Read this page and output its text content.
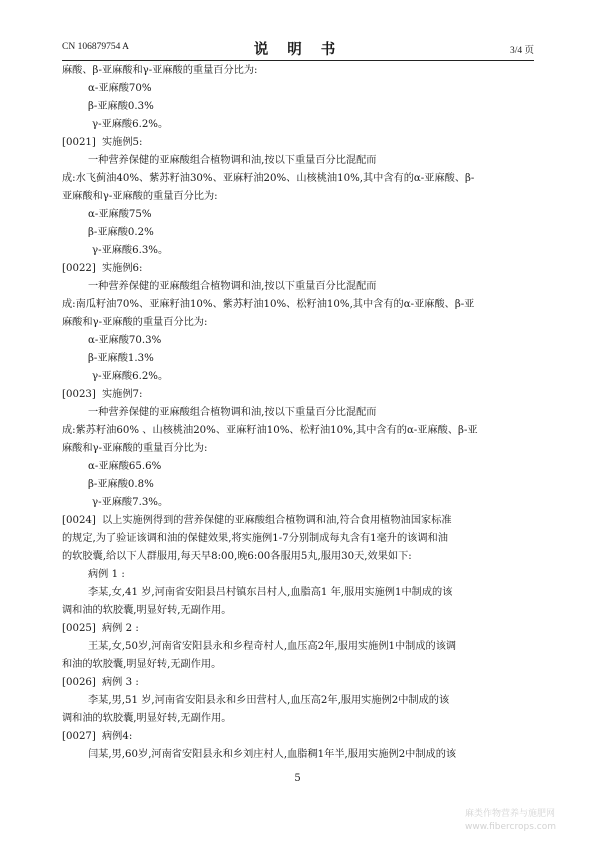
CN 106879754 A	说 明 书	3/4 页
麻酸、β-亚麻酸和γ-亚麻酸的重量百分比为:
α-亚麻酸70%
β-亚麻酸0.3%
γ-亚麻酸6.2%。
[0021] 实施例5:
一种营养保健的亚麻酸组合植物调和油,按以下重量百分比混配而
成:水飞蓟油40%、紫苏籽油30%、亚麻籽油20%、山核桃油10%,其中含有的α-亚麻酸、β-
亚麻酸和γ-亚麻酸的重量百分比为:
α-亚麻酸75%
β-亚麻酸0.2%
γ-亚麻酸6.3%。
[0022] 实施例6:
一种营养保健的亚麻酸组合植物调和油,按以下重量百分比混配而
成:南瓜籽油70%、亚麻籽油10%、紫苏籽油10%、松籽油10%,其中含有的α-亚麻酸、β-亚
麻酸和γ-亚麻酸的重量百分比为:
α-亚麻酸70.3%
β-亚麻酸1.3%
γ-亚麻酸6.2%。
[0023] 实施例7:
一种营养保健的亚麻酸组合植物调和油,按以下重量百分比混配而
成:紫苏籽油60% 、山核桃油20%、亚麻籽油10%、松籽油10%,其中含有的α-亚麻酸、β-亚
麻酸和γ-亚麻酸的重量百分比为:
α-亚麻酸65.6%
β-亚麻酸0.8%
γ-亚麻酸7.3%。
[0024] 以上实施例得到的营养保健的亚麻酸组合植物调和油,符合食用植物油国家标准
的规定,为了验证该调和油的保健效果,将实施例1-7分别制成每丸含有1毫升的该调和油
的软胶囊,给以下人群服用,每天早8:00,晚6:00各服用5丸,服用30天,效果如下:
病例 1 :
李某,女,41 岁,河南省安阳县吕村镇东吕村人,血脂高1 年,服用实施例1中制成的该
调和油的软胶囊,明显好转,无副作用。
[0025] 病例 2 :
王某,女,50岁,河南省安阳县永和乡程奇村人,血压高2年,服用实施例1中制成的该调
和油的软胶囊,明显好转,无副作用。
[0026] 病例 3 :
李某,男,51 岁,河南省安阳县永和乡田营村人,血压高2年,服用实施例2中制成的该
调和油的软胶囊,明显好转,无副作用。
[0027] 病例4:
闫某,男,60岁,河南省安阳县永和乡刘庄村人,血脂稠1年半,服用实施例2中制成的该
5
麻类作物营养与施肥网
www.fibercrops.com
